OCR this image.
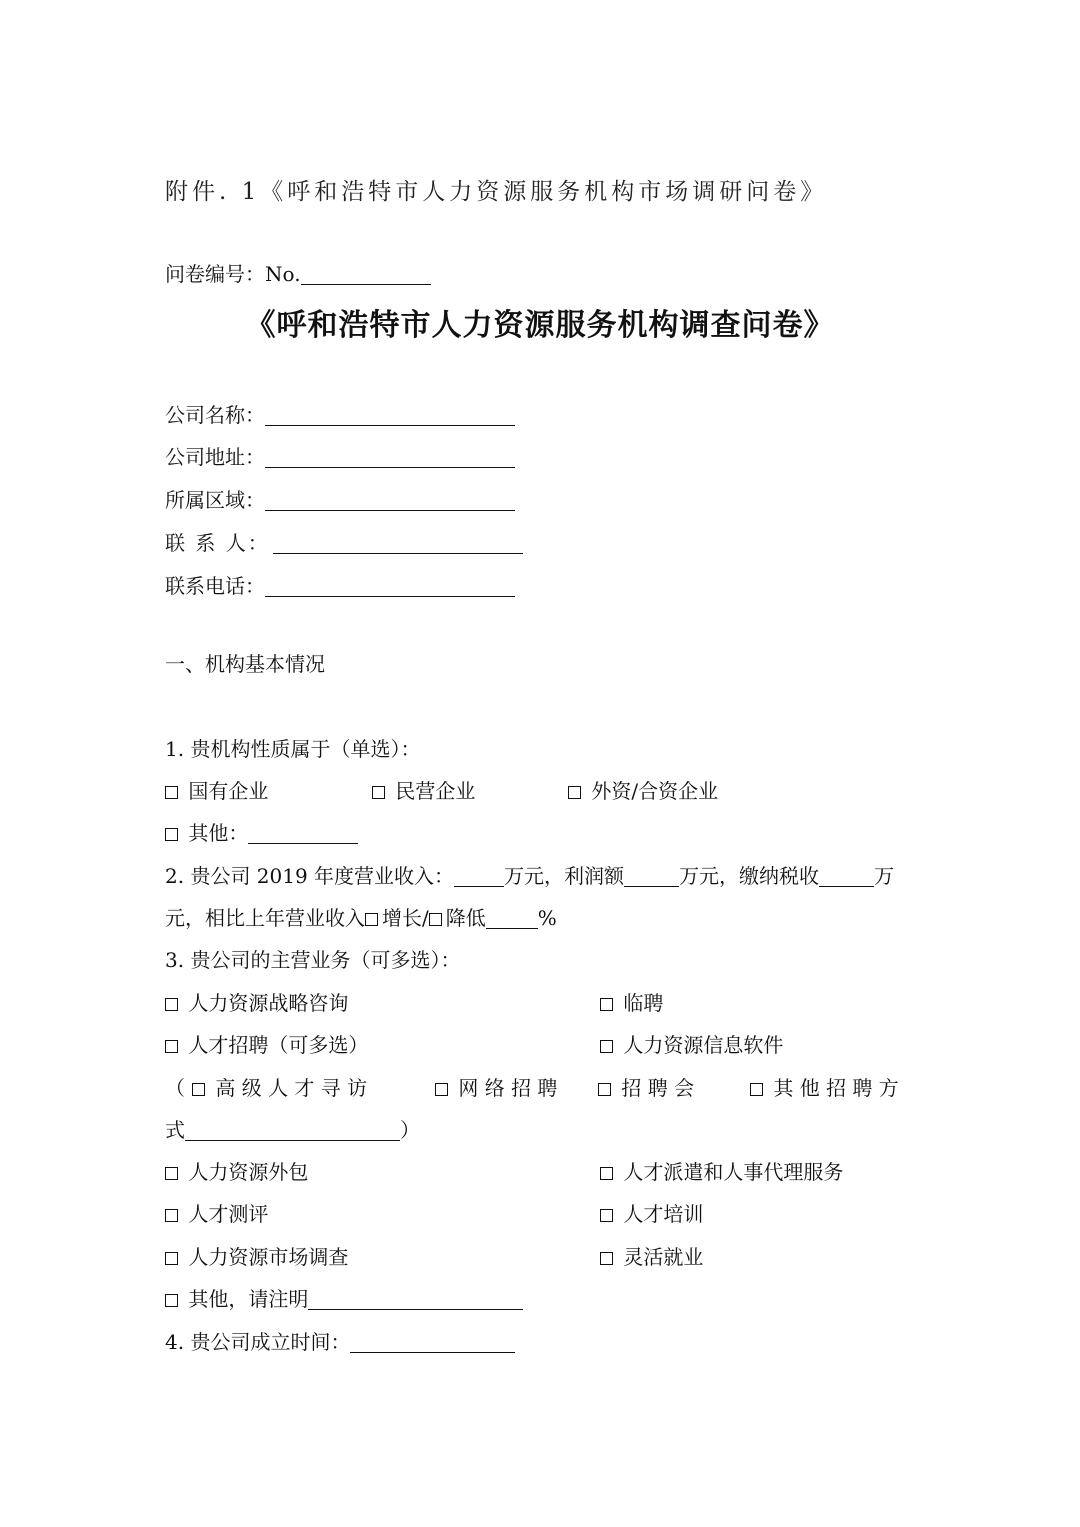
附件. 1《呼和浩特市人力资源服务机构市场调研问卷》
问卷编号：No.
《呼和浩特市人力资源服务机构调查问卷》
公司名称：
公司地址：
所属区域：
联 系 人：
联系电话：
一、机构基本情况
1. 贵机构性质属于（单选）：
国有企业	民营企业	外资/合资企业
其他：
2. 贵公司 2019 年度营业收入：	万元，利润额	万元，缴纳税收	万
元，相比上年营业收入 增长/ 降低	%
3. 贵公司的主营业务（可多选）：
人力资源战略咨询	临聘
人才招聘（可多选）	人力资源信息软件
（	高 级 人 才 寻 访	网 络 招 聘	招 聘 会	其 他 招 聘 方
式	）
人力资源外包	人才派遣和人事代理服务
人才测评	人才培训
人力资源市场调查	灵活就业
其他，请注明
4. 贵公司成立时间：
